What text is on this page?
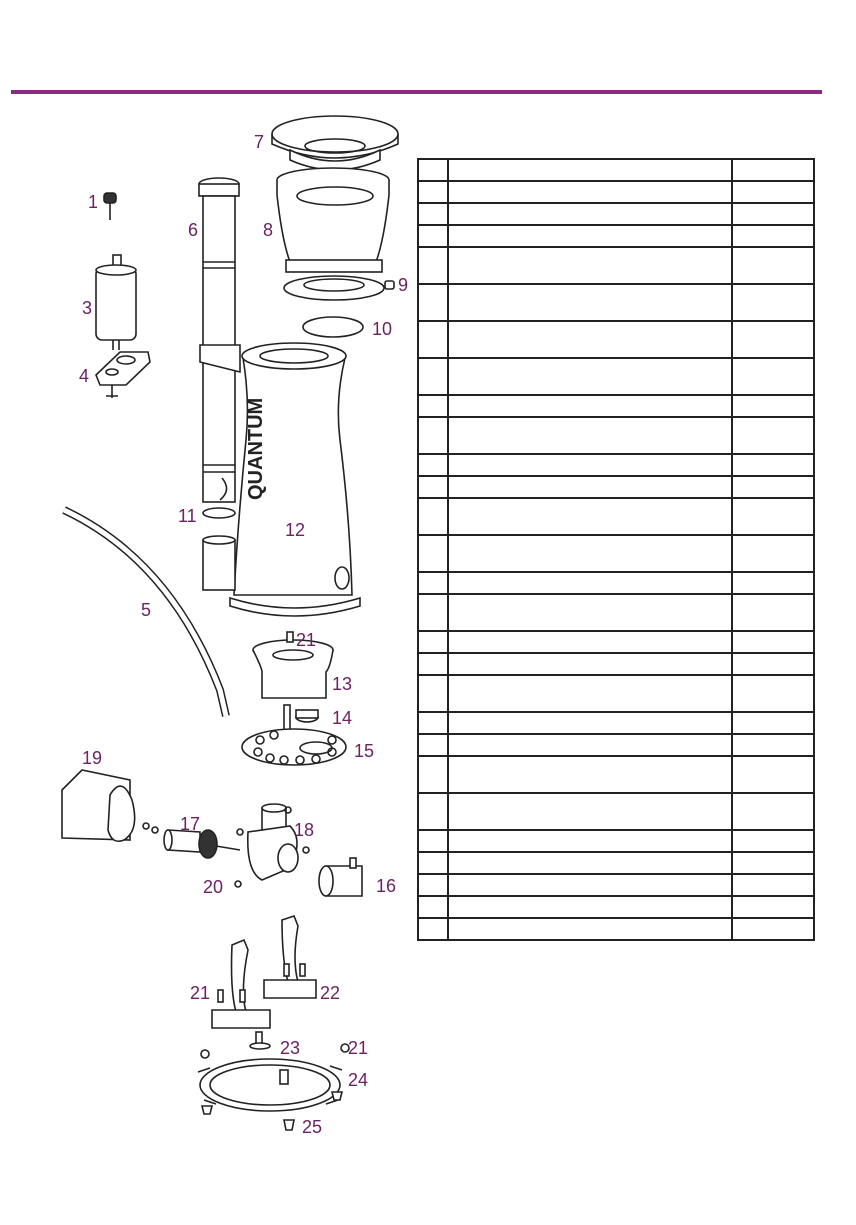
QUANTUM
1
6
7
8
9
3
10
4
11
12
5
21
13
14
15
19
17	18
16
20
21	22
23	21
24
25
